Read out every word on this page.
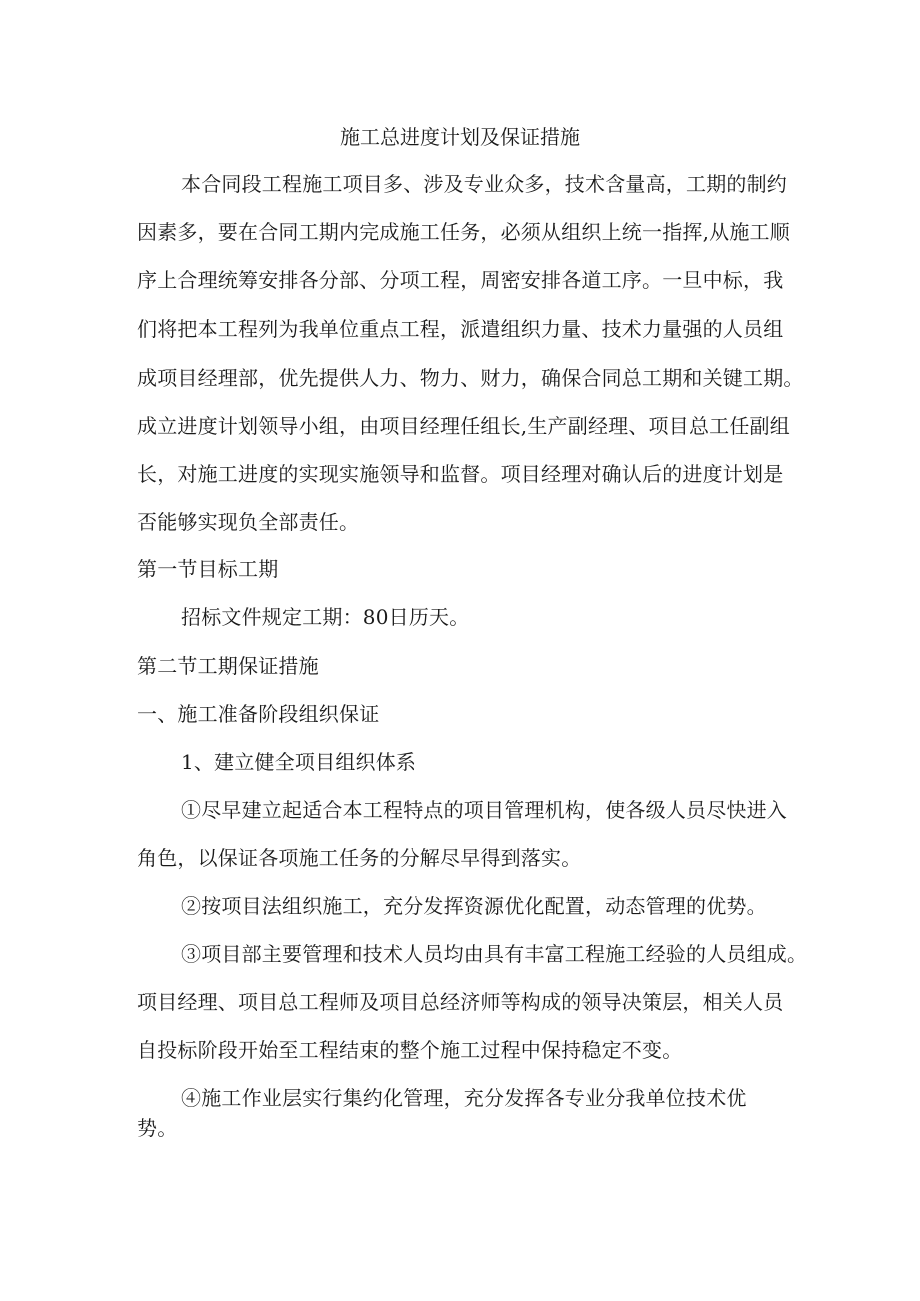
施工总进度计划及保证措施
本合同段工程施工项目多、涉及专业众多，技术含量高，工期的制约
因素多，要在合同工期内完成施工任务，必须从组织上统一指挥,从施工顺
序上合理统筹安排各分部、分项工程，周密安排各道工序。一旦中标，我
们将把本工程列为我单位重点工程，派遣组织力量、技术力量强的人员组
成项目经理部，优先提供人力、物力、财力，确保合同总工期和关键工期。
成立进度计划领导小组，由项目经理任组长,生产副经理、项目总工任副组
长，对施工进度的实现实施领导和监督。项目经理对确认后的进度计划是
否能够实现负全部责任。
第一节目标工期
招标文件规定工期：80日历天。
第二节工期保证措施
一、施工准备阶段组织保证
1、建立健全项目组织体系
①尽早建立起适合本工程特点的项目管理机构，使各级人员尽快进入
角色，以保证各项施工任务的分解尽早得到落实。
②按项目法组织施工，充分发挥资源优化配置，动态管理的优势。
③项目部主要管理和技术人员均由具有丰富工程施工经验的人员组成。
项目经理、项目总工程师及项目总经济师等构成的领导决策层，相关人员
自投标阶段开始至工程结束的整个施工过程中保持稳定不变。
④施工作业层实行集约化管理，充分发挥各专业分我单位技术优
势。
